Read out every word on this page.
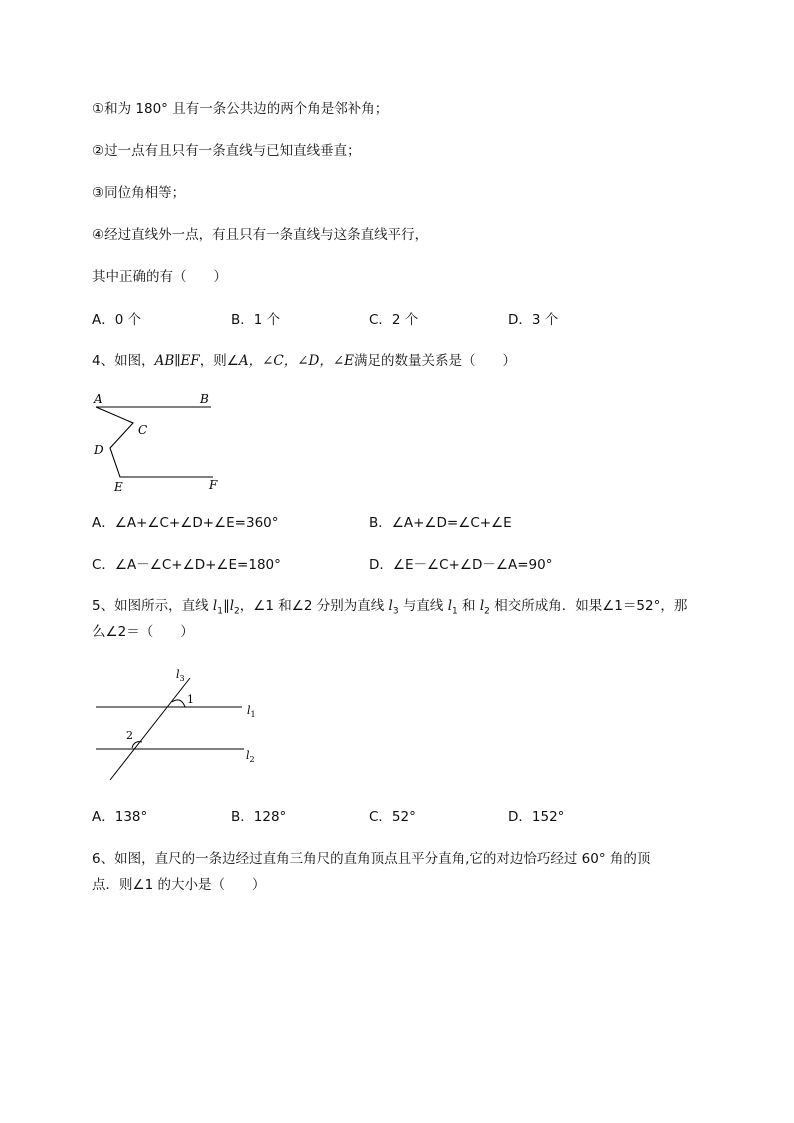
①和为 180° 且有一条公共边的两个角是邻补角；
②过一点有且只有一条直线与已知直线垂直；
③同位角相等；
④经过直线外一点，有且只有一条直线与这条直线平行，
其中正确的有（　　）
A．0 个	B．1 个	C．2 个	D．3 个
4、如图，AB∥EF，则∠A，∠C，∠D，∠E满足的数量关系是（　　）
A	B
C
D
E	F
A．∠A+∠C+∠D+∠E=360°	B．∠A+∠D=∠C+∠E
C．∠A－∠C+∠D+∠E=180°	D．∠E－∠C+∠D－∠A=90°
5、如图所示，直线 $l_1\parallel l_2$，∠1 和∠2 分别为直线 $l_3$ 与直线 $l_1$ 和 $l_2$ 相交所成角．如果∠1＝52°，那
么∠2＝（　　）
$l_3$
$l_1$
$l_2$
1
2
A．138°	B．128°	C．52°	D．152°
6、如图，直尺的一条边经过直角三角尺的直角顶点且平分直角,它的对边恰巧经过 60° 角的顶
点．则∠1 的大小是（　　）
